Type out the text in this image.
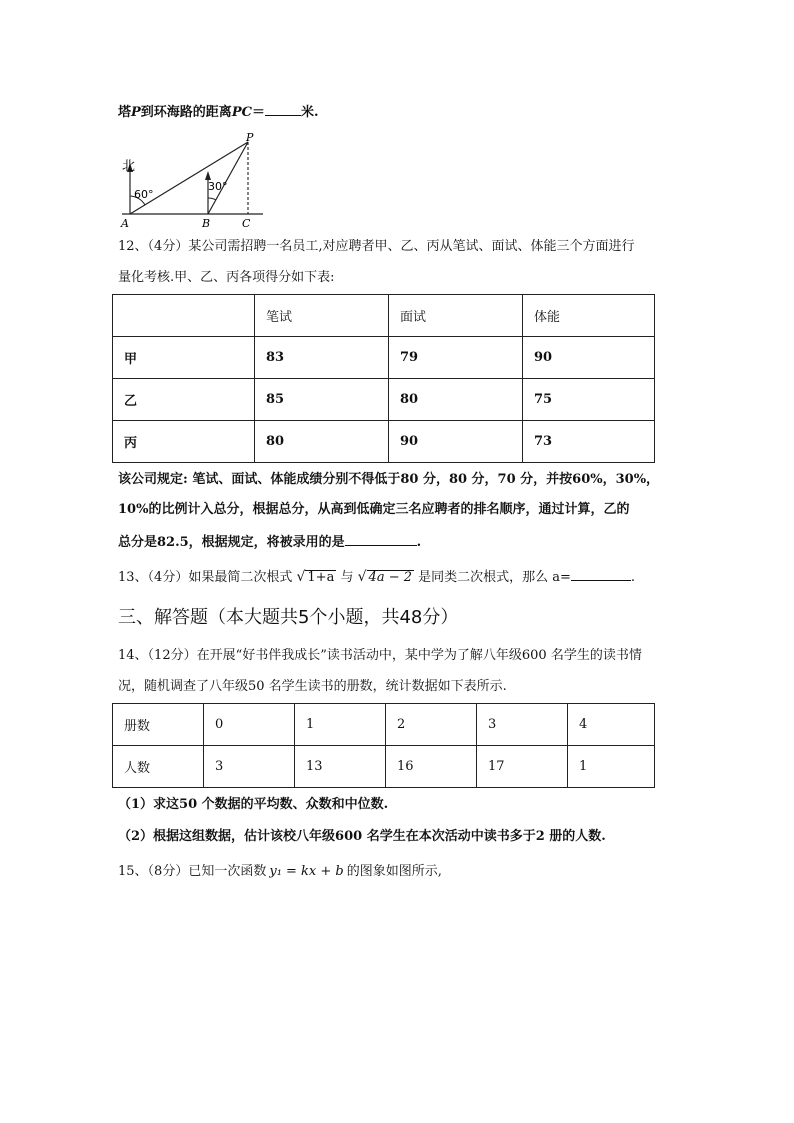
塔P到环海路的距离PC＝	米.
北
60°
30°
P
A	B	C
12、（4分）某公司需招聘一名员工,对应聘者甲、乙、丙从笔试、面试、体能三个方面进行
量化考核.甲、乙、丙各项得分如下表:
	笔试	面试	体能
甲	83	79	90
乙	85	80	75
丙	80	90	73
该公司规定: 笔试、面试、体能成绩分别不得低于80 分，80 分，70 分，并按60%，30%，
10%的比例计入总分，根据总分，从高到低确定三名应聘者的排名顺序，通过计算，乙的
总分是82.5，根据规定，将被录用的是	.
13、（4分）如果最简二次根式 √ 1+a 与 √ 4a − 2 是同类二次根式，那么 a=	.
三、解答题（本大题共5个小题，共48分）
14、（12分）在开展“好书伴我成长”读书活动中，某中学为了解八年级600 名学生的读书情
况，随机调查了八年级50 名学生读书的册数，统计数据如下表所示.
册数	0	1	2	3	4
人数	3	13	16	17	1
（1）求这50 个数据的平均数、众数和中位数.
（2）根据这组数据，估计该校八年级600 名学生在本次活动中读书多于2 册的人数.
15、（8分）已知一次函数 y₁ = kx + b 的图象如图所示,
